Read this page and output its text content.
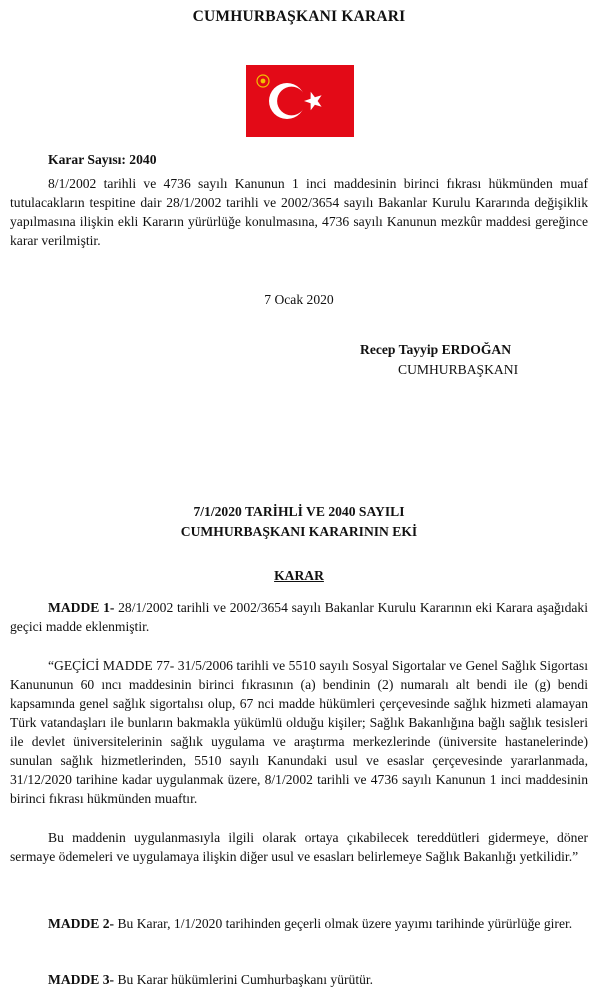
CUMHURBAŞKANI KARARI
Karar Sayısı: 2040
8/1/2002 tarihli ve 4736 sayılı Kanunun 1 inci maddesinin birinci fıkrası hükmünden muaf tutulacakların tespitine dair 28/1/2002 tarihli ve 2002/3654 sayılı Bakanlar Kurulu Kararında değişiklik yapılmasına ilişkin ekli Kararın yürürlüğe konulmasına, 4736 sayılı Kanunun mezkûr maddesi gereğince karar verilmiştir.
7 Ocak 2020
Recep Tayyip ERDOĞAN
CUMHURBAŞKANI
7/1/2020 TARİHLİ VE 2040 SAYILI
CUMHURBAŞKANI KARARININ EKİ
KARAR
MADDE 1- 28/1/2002 tarihli ve 2002/3654 sayılı Bakanlar Kurulu Kararının eki Karara aşağıdaki geçici madde eklenmiştir.
“GEÇİCİ MADDE 77- 31/5/2006 tarihli ve 5510 sayılı Sosyal Sigortalar ve Genel Sağlık Sigortası Kanununun 60 ıncı maddesinin birinci fıkrasının (a) bendinin (2) numaralı alt bendi ile (g) bendi kapsamında genel sağlık sigortalısı olup, 67 nci madde hükümleri çerçevesinde sağlık hizmeti alamayan Türk vatandaşları ile bunların bakmakla yükümlü olduğu kişiler; Sağlık Bakanlığına bağlı sağlık tesisleri ile devlet üniversitelerinin sağlık uygulama ve araştırma merkezlerinde (üniversite hastanelerinde) sunulan sağlık hizmetlerinden, 5510 sayılı Kanundaki usul ve esaslar çerçevesinde yararlanmada, 31/12/2020 tarihine kadar uygulanmak üzere, 8/1/2002 tarihli ve 4736 sayılı Kanunun 1 inci maddesinin birinci fıkrası hükmünden muaftır.
Bu maddenin uygulanmasıyla ilgili olarak ortaya çıkabilecek tereddütleri gidermeye, döner sermaye ödemeleri ve uygulamaya ilişkin diğer usul ve esasları belirlemeye Sağlık Bakanlığı yetkilidir.”
MADDE 2- Bu Karar, 1/1/2020 tarihinden geçerli olmak üzere yayımı tarihinde yürürlüğe girer.
MADDE 3- Bu Karar hükümlerini Cumhurbaşkanı yürütür.
